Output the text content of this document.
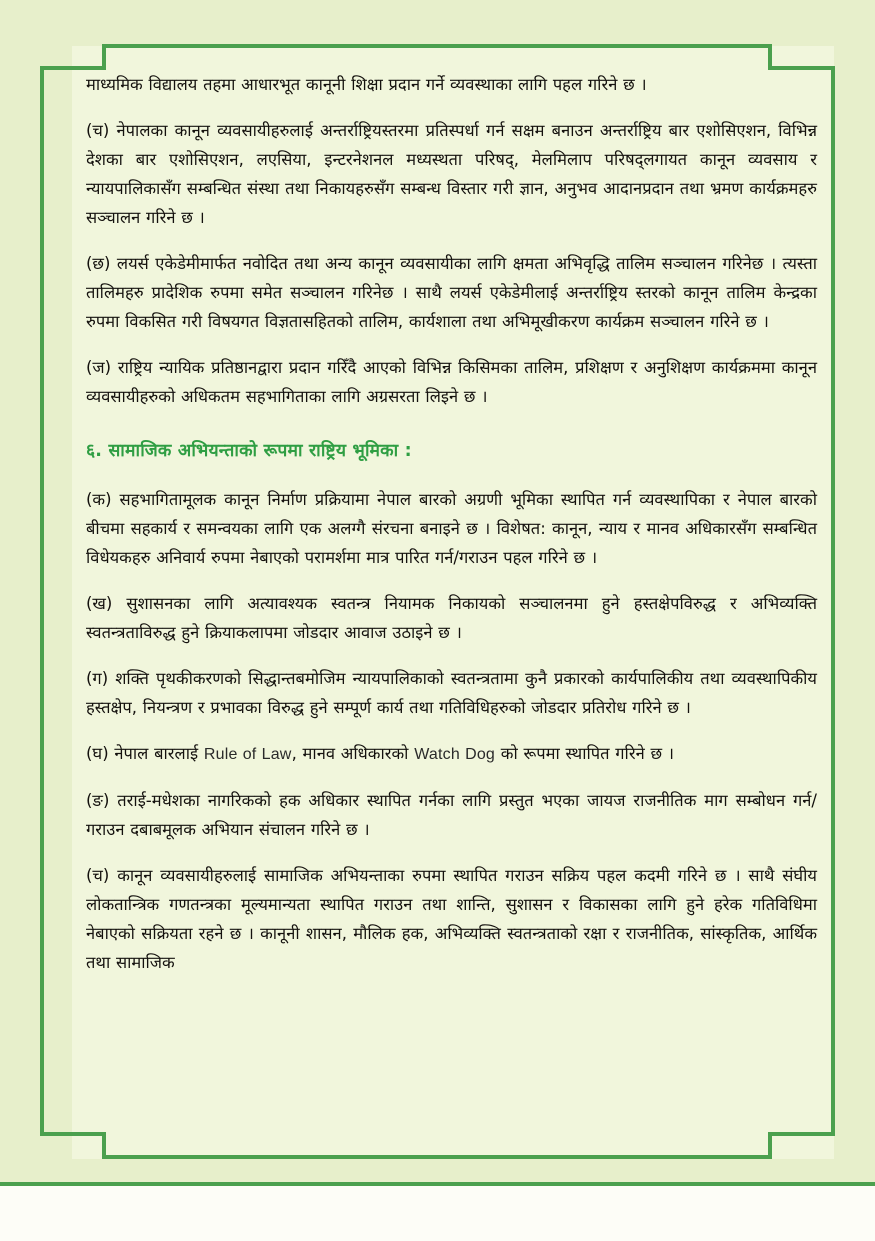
माध्यमिक विद्यालय तहमा आधारभूत कानूनी शिक्षा प्रदान गर्ने व्यवस्थाका लागि पहल गरिने छ ।

(च) नेपालका कानून व्यवसायीहरुलाई अन्तर्राष्ट्रियस्तरमा प्रतिस्पर्धा गर्न सक्षम बनाउन अन्तर्राष्ट्रिय बार एशोसिएशन, विभिन्न देशका बार एशोसिएशन, लएसिया, इन्टरनेशनल मध्यस्थता परिषद्, मेलमिलाप परिषद्लगायत कानून व्यवसाय र न्यायपालिकासँग सम्बन्धित संस्था तथा निकायहरुसँग सम्बन्ध विस्तार गरी ज्ञान, अनुभव आदानप्रदान तथा भ्रमण कार्यक्रमहरु सञ्चालन गरिने छ ।

(छ) लयर्स एकेडेमीमार्फत नवोदित तथा अन्य कानून व्यवसायीका लागि क्षमता अभिवृद्धि तालिम सञ्चालन गरिनेछ । त्यस्ता तालिमहरु प्रादेशिक रुपमा समेत सञ्चालन गरिनेछ । साथै लयर्स एकेडेमीलाई अन्तर्राष्ट्रिय स्तरको कानून तालिम केन्द्रका रुपमा विकसित गरी विषयगत विज्ञतासहितको तालिम, कार्यशाला तथा अभिमूखीकरण कार्यक्रम सञ्चालन गरिने छ ।

(ज) राष्ट्रिय न्यायिक प्रतिष्ठानद्वारा प्रदान गरिँदै आएको विभिन्न किसिमका तालिम, प्रशिक्षण र अनुशिक्षण कार्यक्रममा कानून व्यवसायीहरुको अधिकतम सहभागिताका लागि अग्रसरता लिइने छ ।

६. सामाजिक अभियन्ताको रूपमा राष्ट्रिय भूमिका :

(क) सहभागितामूलक कानून निर्माण प्रक्रियामा नेपाल बारको अग्रणी भूमिका स्थापित गर्न व्यवस्थापिका र नेपाल बारको बीचमा सहकार्य र समन्वयका लागि एक अलग्गै संरचना बनाइने छ । विशेषत: कानून, न्याय र मानव अधिकारसँग सम्बन्धित विधेयकहरु अनिवार्य रुपमा नेबाएको परामर्शमा मात्र पारित गर्न/गराउन पहल गरिने छ ।

(ख) सुशासनका लागि अत्यावश्यक स्वतन्त्र नियामक निकायको सञ्चालनमा हुने हस्तक्षेपविरुद्ध र अभिव्यक्ति स्वतन्त्रताविरुद्ध हुने क्रियाकलापमा जोडदार आवाज उठाइने छ ।

(ग) शक्ति पृथकीकरणको सिद्धान्तबमोजिम न्यायपालिकाको स्वतन्त्रतामा कुनै प्रकारको कार्यपालिकीय तथा व्यवस्थापिकीय हस्तक्षेप, नियन्त्रण र प्रभावका विरुद्ध हुने सम्पूर्ण कार्य तथा गतिविधिहरुको जोडदार प्रतिरोध गरिने छ ।

(घ) नेपाल बारलाई Rule of Law, मानव अधिकारको Watch Dog को रूपमा स्थापित गरिने छ ।

(ङ) तराई-मधेशका नागरिकको हक अधिकार स्थापित गर्नका लागि प्रस्तुत भएका जायज राजनीतिक माग सम्बोधन गर्न/गराउन दबाबमूलक अभियान संचालन गरिने छ ।

(च) कानून व्यवसायीहरुलाई सामाजिक अभियन्ताका रुपमा स्थापित गराउन सक्रिय पहल कदमी गरिने छ । साथै संघीय लोकतान्त्रिक गणतन्त्रका मूल्यमान्यता स्थापित गराउन तथा शान्ति, सुशासन र विकासका लागि हुने हरेक गतिविधिमा नेबाएको सक्रियता रहने छ । कानूनी शासन, मौलिक हक, अभिव्यक्ति स्वतन्त्रताको रक्षा र राजनीतिक, सांस्कृतिक, आर्थिक तथा सामाजिक
